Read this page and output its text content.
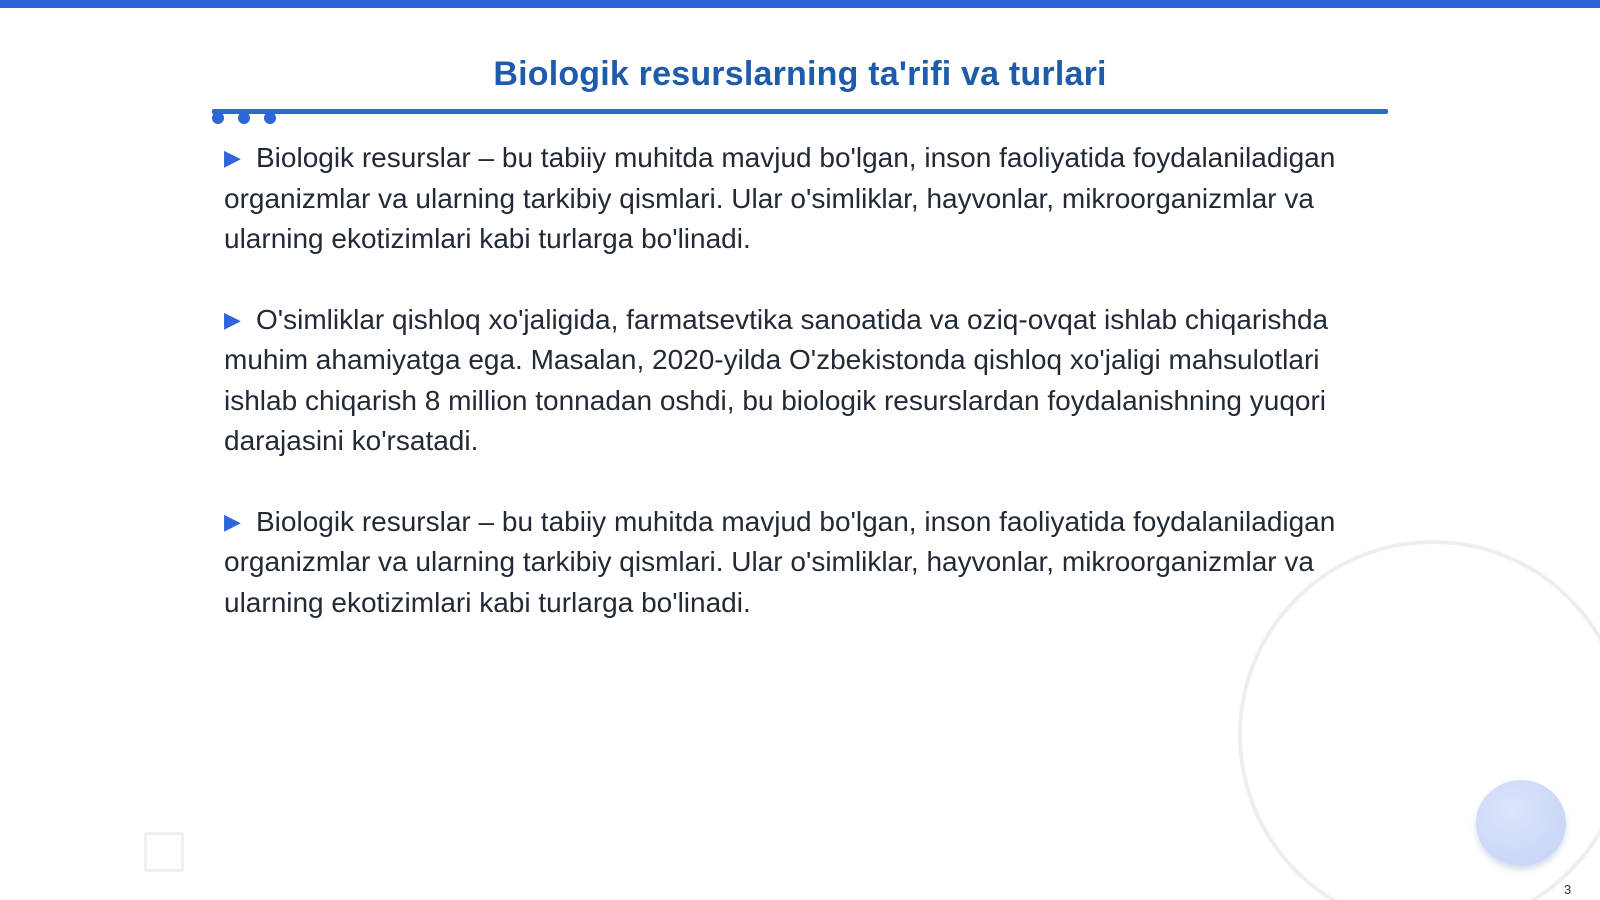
Biologik resurslarning ta'rifi va turlari

▶ Biologik resurslar – bu tabiiy muhitda mavjud bo'lgan, inson faoliyatida foydalaniladigan organizmlar va ularning tarkibiy qismlari. Ular o'simliklar, hayvonlar, mikroorganizmlar va ularning ekotizimlari kabi turlarga bo'linadi.

▶ O'simliklar qishloq xo'jaligida, farmatsevtika sanoatida va oziq-ovqat ishlab chiqarishda muhim ahamiyatga ega. Masalan, 2020-yilda O'zbekistonda qishloq xo'jaligi mahsulotlari ishlab chiqarish 8 million tonnadan oshdi, bu biologik resurslardan foydalanishning yuqori darajasini ko'rsatadi.

▶ Biologik resurslar – bu tabiiy muhitda mavjud bo'lgan, inson faoliyatida foydalaniladigan organizmlar va ularning tarkibiy qismlari. Ular o'simliklar, hayvonlar, mikroorganizmlar va ularning ekotizimlari kabi turlarga bo'linadi.

3
